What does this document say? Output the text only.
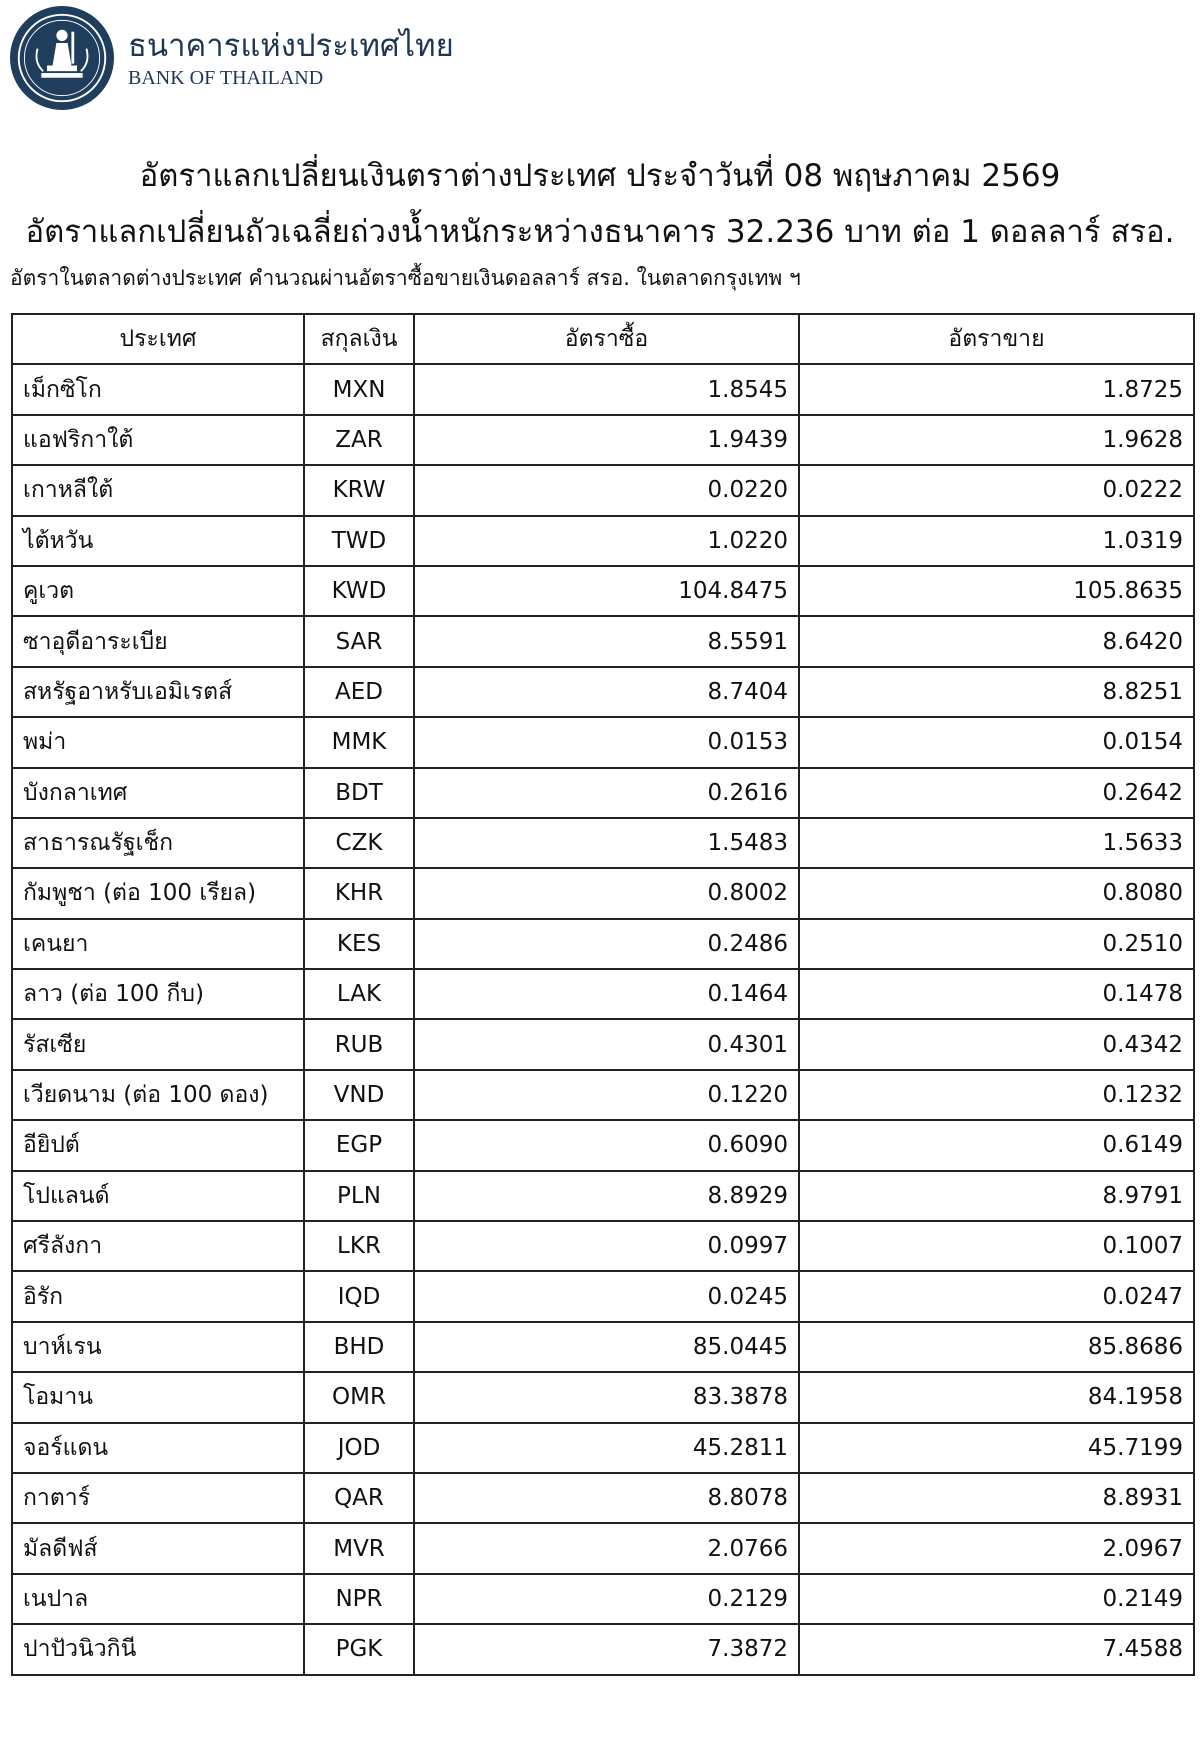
ธนาคารแห่งประเทศไทย
BANK OF THAILAND
อัตราแลกเปลี่ยนเงินตราต่างประเทศ ประจำวันที่ 08 พฤษภาคม 2569
อัตราแลกเปลี่ยนถัวเฉลี่ยถ่วงน้ำหนักระหว่างธนาคาร 32.236 บาท ต่อ 1 ดอลลาร์ สรอ.
อัตราในตลาดต่างประเทศ คำนวณผ่านอัตราซื้อขายเงินดอลลาร์ สรอ. ในตลาดกรุงเทพ ฯ
ประเทศ	สกุลเงิน	อัตราซื้อ	อัตราขาย
เม็กซิโก	MXN	1.8545	1.8725
แอฟริกาใต้	ZAR	1.9439	1.9628
เกาหลีใต้	KRW	0.0220	0.0222
ไต้หวัน	TWD	1.0220	1.0319
คูเวต	KWD	104.8475	105.8635
ซาอุดีอาระเบีย	SAR	8.5591	8.6420
สหรัฐอาหรับเอมิเรตส์	AED	8.7404	8.8251
พม่า	MMK	0.0153	0.0154
บังกลาเทศ	BDT	0.2616	0.2642
สาธารณรัฐเช็ก	CZK	1.5483	1.5633
กัมพูชา (ต่อ 100 เรียล)	KHR	0.8002	0.8080
เคนยา	KES	0.2486	0.2510
ลาว (ต่อ 100 กีบ)	LAK	0.1464	0.1478
รัสเซีย	RUB	0.4301	0.4342
เวียดนาม (ต่อ 100 ดอง)	VND	0.1220	0.1232
อียิปต์	EGP	0.6090	0.6149
โปแลนด์	PLN	8.8929	8.9791
ศรีลังกา	LKR	0.0997	0.1007
อิรัก	IQD	0.0245	0.0247
บาห์เรน	BHD	85.0445	85.8686
โอมาน	OMR	83.3878	84.1958
จอร์แดน	JOD	45.2811	45.7199
กาตาร์	QAR	8.8078	8.8931
มัลดีฟส์	MVR	2.0766	2.0967
เนปาล	NPR	0.2129	0.2149
ปาปัวนิวกินี	PGK	7.3872	7.4588
